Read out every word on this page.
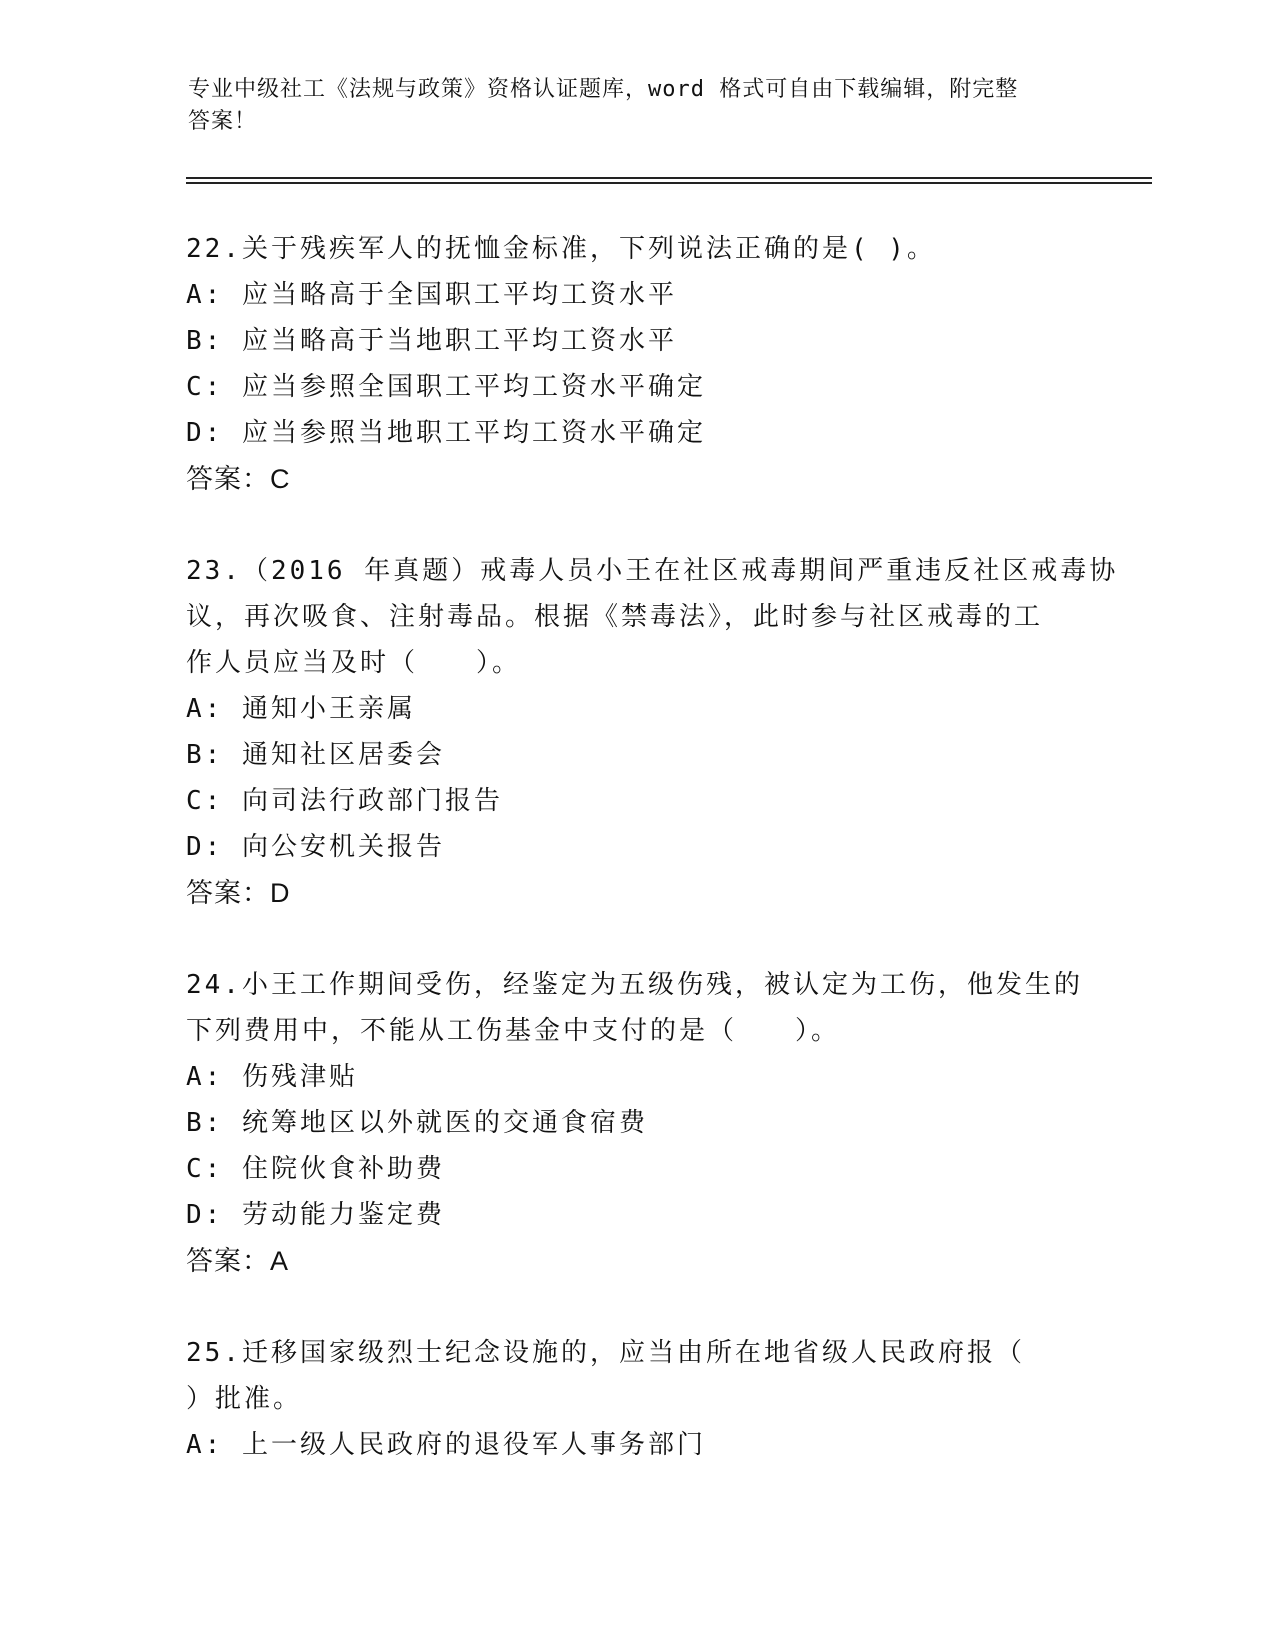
专业中级社工《法规与政策》资格认证题库，word 格式可自由下载编辑，附完整
答案！
22.关于残疾军人的抚恤金标准，下列说法正确的是( )。
A: 应当略高于全国职工平均工资水平
B: 应当略高于当地职工平均工资水平
C: 应当参照全国职工平均工资水平确定
D: 应当参照当地职工平均工资水平确定
答案：C
23.（2016 年真题）戒毒人员小王在社区戒毒期间严重违反社区戒毒协
议，再次吸食、注射毒品。根据《禁毒法》，此时参与社区戒毒的工
作人员应当及时（　　）。
A: 通知小王亲属
B: 通知社区居委会
C: 向司法行政部门报告
D: 向公安机关报告
答案：D
24.小王工作期间受伤，经鉴定为五级伤残，被认定为工伤，他发生的
下列费用中，不能从工伤基金中支付的是（　　）。
A: 伤残津贴
B: 统筹地区以外就医的交通食宿费
C: 住院伙食补助费
D: 劳动能力鉴定费
答案：A
25.迁移国家级烈士纪念设施的，应当由所在地省级人民政府报（
）批准。
A: 上一级人民政府的退役军人事务部门
